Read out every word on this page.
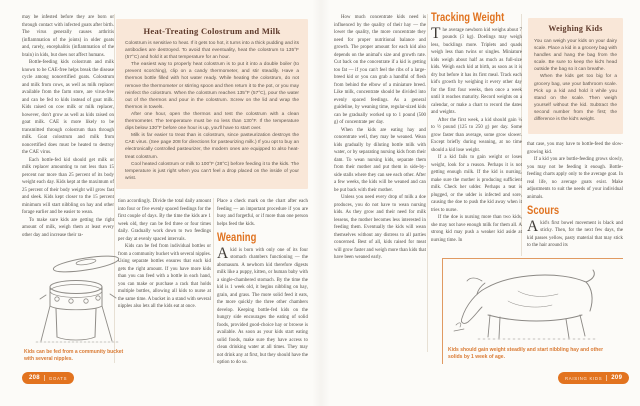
may be infested before they are born or through contact with infected goats after birth. The virus generally causes arthritis (inflammation of the joints) in older goats and, rarely, encephalitis (inflammation of the brain) in kids, but does not affect humans.

Bottle-feeding kids colostrum and milk known to be CAE-free helps break the disease cycle among noncertified goats. Colostrum and milk from cows, as well as milk replacer available from the farm store, are virus-free and can be fed to kids instead of goat milk. Kids raised on cow milk or milk replacer, however, don't grow as well as kids raised on goat milk. CAE is more likely to be transmitted through colostrum than through milk. Goat colostrum and milk from noncertified does must be heated to destroy the CAE virus.

Each bottle-fed kid should get milk or milk replacer amounting to not less than 15 percent nor more than 25 percent of its body weight each day. Kids kept at the maximum of 25 percent of their body weight will grow fast and sleek. Kids kept closer to the 15 percent minimum will start nibbling on hay and other forage earlier and be easier to wean.

To make sure kids are getting the right amount of milk, weigh them at least every other day and increase their ra-

Heat-Treating Colostrum and Milk

Colostrum is sensitive to heat. If it gets too hot, it turns into a thick pudding and its antibodies are destroyed. To avoid that eventuality, heat the colostrum to 135°F (57°C) and hold it at that temperature for an hour.

The easiest way to properly heat colostrum is to put it into a double boiler (to prevent scorching), clip on a candy thermometer, and stir steadily. Have a thermos bottle filled with hot water ready. While heating the colostrum, do not remove the thermometer or stirring spoon and then return it to the pot, or you may reinfect the colostrum. When the colostrum reaches 135°F (57°C), pour the water out of the thermos and pour in the colostrum. Screw on the lid and wrap the thermos in towels.

After one hour, open the thermos and test the colostrum with a clean thermometer. The temperature must be no less than 130°F. If the temperature dips below 130°F before one hour is up, you'll have to start over.

Milk is far easier to treat than is colostrum, since pasteurization destroys the CAE virus. (See page 208 for directions for pasteurizing milk.) If you opt to buy an electronically controlled pasteurizer, the modern ones are equipped to also heat-treat colostrum.

Cool heated colostrum or milk to 100°F (38°C) before feeding it to the kids. The temperature is just right when you can't feel a drop placed on the inside of your wrist.

tion accordingly. Divide the total daily amount into four or five evenly spaced feedings for the first couple of days. By the time the kids are 1 week old, they can be fed three or four times daily. Gradually work down to two feedings per day at evenly spaced intervals.

Kids can be fed from individual bottles or from a community bucket with several nipples. Using separate bottles ensures that each kid gets the right amount. If you have more kids than you can feed with a bottle in each hand, you can make or purchase a rack that holds multiple bottles, allowing all kids to nurse at the same time. A bucket in a stand with several nipples also lets all the kids eat at once.

Place a check mark on the chart after each feeding — an important procedure if you are busy and forgetful, or if more than one person helps feed the kids.

Weaning

Akid is born with only one of its four stomach chambers functioning — the abomasum. A newborn kid therefore digests milk like a puppy, kitten, or human baby with a single-chambered stomach. By the time the kid is 1 week old, it begins nibbling on hay, grain, and grass. The more solid feed it eats, the more quickly the three other chambers develop. Keeping bottle-fed kids on the hungry side encourages the eating of solid foods, provided good-choice hay or browse is available. As soon as your kids start eating solid foods, make sure they have access to clean drinking water at all times. They may not drink any at first, but they should have the option to do so.

Kids can be fed from a community bucket with several nipples.
208 GOATS

How much concentrate kids need is influenced by the quality of their hay — the lower the quality, the more concentrate they need for proper nutritional balance and growth. The proper amount for each kid also depends on the animal's size and growth rate. Cut back on the concentrate if a kid is getting too fat — if you can't feel the ribs of a large-breed kid or you can grab a handful of flesh from behind the elbow of a miniature breed. Like milk, concentrate should be divided into evenly spaced feedings. As a general guideline, by weaning time, regular-sized kids can be gradually worked up to 1 pound (500 g) of concentrate per day.

When the kids are eating hay and concentrate well, they may be weaned. Wean kids gradually by diluting bottle milk with water, or by separating nursing kids from their dam. To wean nursing kids, separate them from their mother and put them in side-by-side stalls where they can see each other. After a few weeks, the kids will be weaned and can be put back with their mother.

Unless you need every drop of milk a doe produces, you do not have to wean nursing kids. As they grow and their need for milk lessens, the mother becomes less interested in feeding them. Eventually the kids will wean themselves without any distress to all parties concerned. Best of all, kids raised for meat will grow faster and weigh more than kids that have been weaned early.

Tracking Weight

The average newborn kid weighs about 7 pounds (3 kg). Doelings may weigh less, bucklings more. Triplets and quads weigh less than twins or singles. Miniature kids weigh about half as much as full-size kids. Weigh each kid at birth, as soon as it is dry but before it has its first meal. Track each kid's growth by weighing it every other day for the first four weeks, then once a week until it reaches maturity. Record weights on a calendar, or make a chart to record the dates and weights.

After the first week, a kid should gain ¼ to ½ pound (125 to 250 g) per day. Some grow faster than average, some grow slower. Except briefly during weaning, at no time should a kid lose weight.

If a kid fails to gain weight or loses weight, look for a reason. Perhaps it is not getting enough milk. If the kid is nursing, make sure the mother is producing sufficient milk. Check her udder. Perhaps a teat is plugged, or the udder is infected and sore, causing the doe to push the kid away when it tries to nurse.

If the doe is nursing more than two kids, she may not have enough milk for them all. A strong kid may push a weaker kid aside at nursing time. In

Weighing Kids

You can weigh your kids on your dairy scale. Place a kid in a grocery bag with handles and hang the bag from the scale. Be sure to keep the kid's head outside the bag so it can breathe.

When the kids get too big for a grocery bag, use your bathroom scale. Pick up a kid and hold it while you stand on the scale. Then weigh yourself without the kid. Subtract the second number from the first; the difference is the kid's weight.

that case, you may have to bottle-feed the slow-growing kid.

If a kid you are bottle-feeding grows slowly, you may not be feeding it enough. Bottle-feeding charts apply only to the average goat. In real life, no average goats exist. Make adjustments to suit the needs of your individual animals.

Scours

Akid's first bowel movement is black and sticky. Then, for the next few days, the kid passes yellow, pasty material that may stick to the hair around its

Kids should gain weight steadily and start nibbling hay and other solids by 1 week of age.
RAISING KIDS 209
